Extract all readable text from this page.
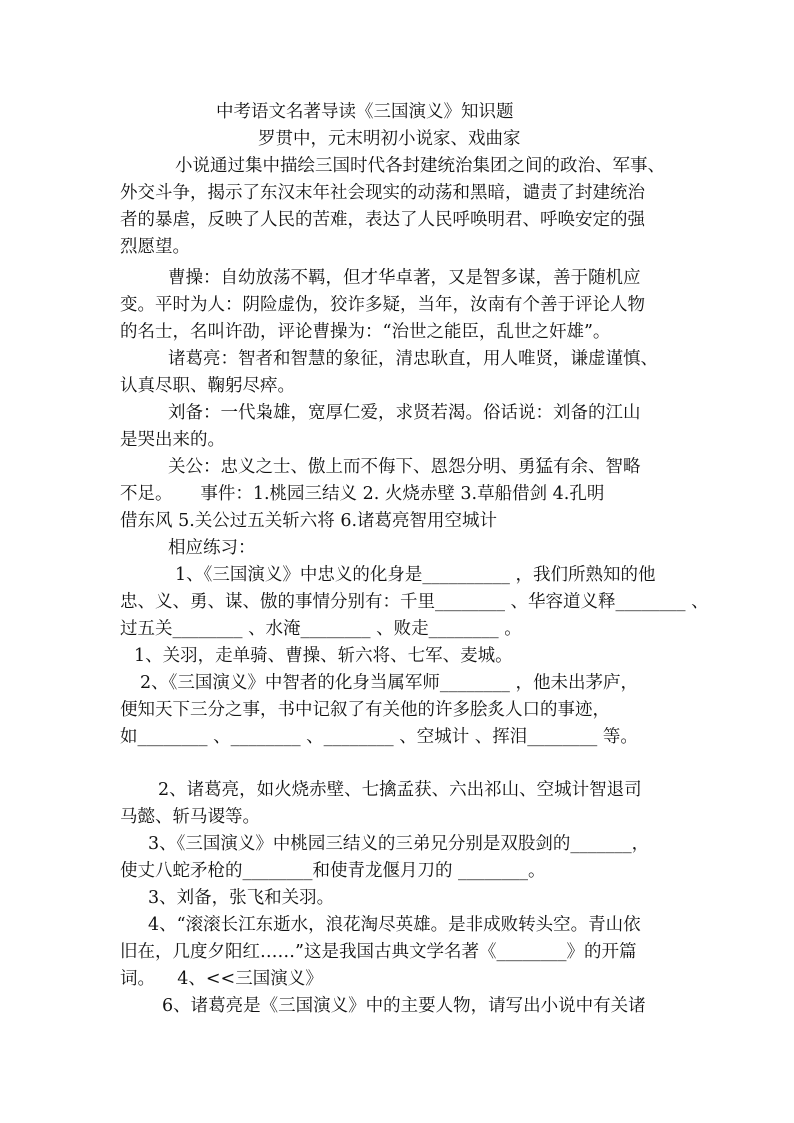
中考语文名著导读《三国演义》知识题
罗贯中，元末明初小说家、戏曲家
小说通过集中描绘三国时代各封建统治集团之间的政治、军事、
外交斗争，揭示了东汉末年社会现实的动荡和黑暗，谴责了封建统治
者的暴虐，反映了人民的苦难，表达了人民呼唤明君、呼唤安定的强
烈愿望。
曹操：自幼放荡不羁，但才华卓著，又是智多谋，善于随机应
变。平时为人：阴险虚伪，狡诈多疑，当年，汝南有个善于评论人物
的名士，名叫许劭，评论曹操为：“治世之能臣，乱世之奸雄”。
诸葛亮：智者和智慧的象征，清忠耿直，用人唯贤，谦虚谨慎、
认真尽职、鞠躬尽瘁。
刘备：一代枭雄，宽厚仁爱，求贤若渴。俗话说：刘备的江山
是哭出来的。
关公：忠义之士、傲上而不侮下、恩怨分明、勇猛有余、智略
不足。     事件：1.桃园三结义 2. 火烧赤壁 3.草船借剑 4.孔明
借东风 5.关公过五关斩六将 6.诸葛亮智用空城计
相应练习：
1、《三国演义》中忠义的化身是__________ ，我们所熟知的他
忠、义、勇、谋、傲的事情分别有：千里________ 、华容道义释________ 、
过五关________ 、水淹________ 、败走________ 。
1、关羽，走单骑、曹操、斩六将、七军、麦城。
2、《三国演义》中智者的化身当属军师________ ，他未出茅庐，
便知天下三分之事，书中记叙了有关他的许多脍炙人口的事迹，
如________ 、________ 、________ 、空城计 、挥泪________ 等。
2、诸葛亮，如火烧赤壁、七擒孟获、六出祁山、空城计智退司
马懿、斩马谡等。
3、《三国演义》中桃园三结义的三弟兄分别是双股剑的_______，
使丈八蛇矛枪的________和使青龙偃月刀的 ________。
3、刘备，张飞和关羽。
4、“滚滚长江东逝水，浪花淘尽英雄。是非成败转头空。青山依
旧在，几度夕阳红……”这是我国古典文学名著《________》的开篇
词。    4、<<三国演义》
6、诸葛亮是《三国演义》中的主要人物，请写出小说中有关诸
